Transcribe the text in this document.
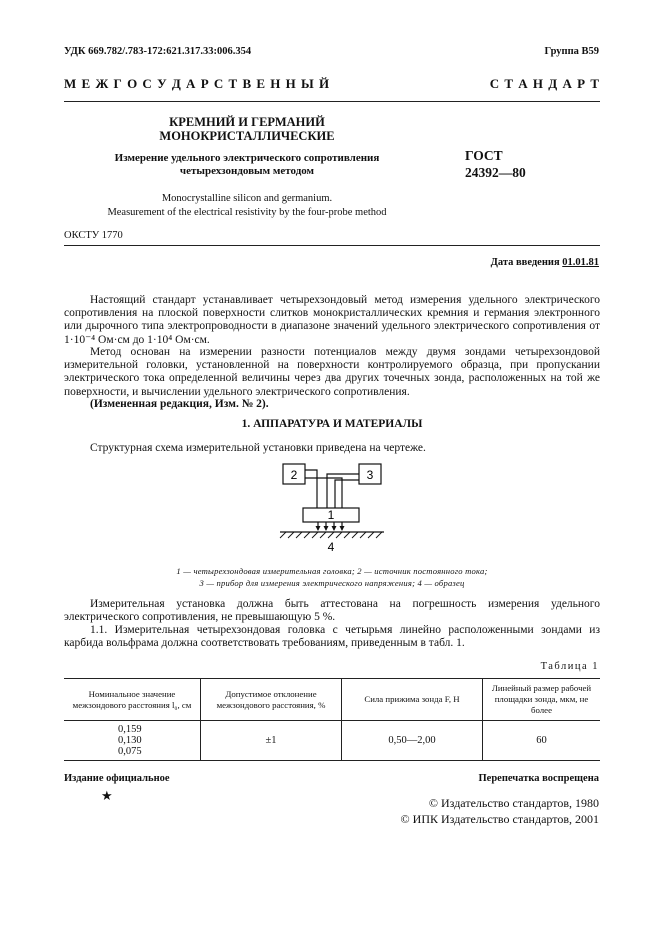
УДК 669.782/.783-172:621.317.33:006.354	Группа В59
М Е Ж Г О С У Д А Р С Т В Е Н Н Ы Й	С Т А Н Д А Р Т
КРЕМНИЙ И ГЕРМАНИЙ
МОНОКРИСТАЛЛИЧЕСКИЕ
Измерение удельного электрического сопротивления
четырехзондовым методом
ГОСТ
24392—80
Monocrystalline silicon and germanium.
Measurement of the electrical resistivity by the four-probe method
ОКСТУ 1770
Дата введения 01.01.81
Настоящий стандарт устанавливает четырехзондовый метод измерения удельного электрического сопротивления на плоской поверхности слитков монокристаллических кремния и германия электронного или дырочного типа электропроводности в диапазоне значений удельного электрического сопротивления от 1·10⁻⁴ Ом·см до 1·10⁴ Ом·см.
Метод основан на измерении разности потенциалов между двумя зондами четырехзондовой измерительной головки, установленной на поверхности контролируемого образца, при пропускании электрического тока определенной величины через два других точечных зонда, расположенных на той же поверхности, и вычислении удельного электрического сопротивления.
(Измененная редакция, Изм. № 2).
1. АППАРАТУРА И МАТЕРИАЛЫ
Структурная схема измерительной установки приведена на чертеже.
2	3
1
4
1 — четырехзондовая измерительная головка; 2 — источник постоянного тока;
3 — прибор для измерения электрического напряжения; 4 — образец
Измерительная установка должна быть аттестована на погрешность измерения удельного электрического сопротивления, не превышающую 5 %.
1.1. Измерительная четырехзондовая головка с четырьмя линейно расположенными зондами из карбида вольфрама должна соответствовать требованиям, приведенным в табл. 1.
Таблица 1
Номинальное значение межзондового расстояния l₀, см	Допустимое отклонение межзондового расстояния, %	Сила прижима зонда F, Н	Линейный размер рабочей площадки зонда, мкм, не более

0,159
0,130
0,075	±1	0,50—2,00	60
Издание официальное	Перепечатка воспрещена
★	© Издательство стандартов, 1980
© ИПК Издательство стандартов, 2001
